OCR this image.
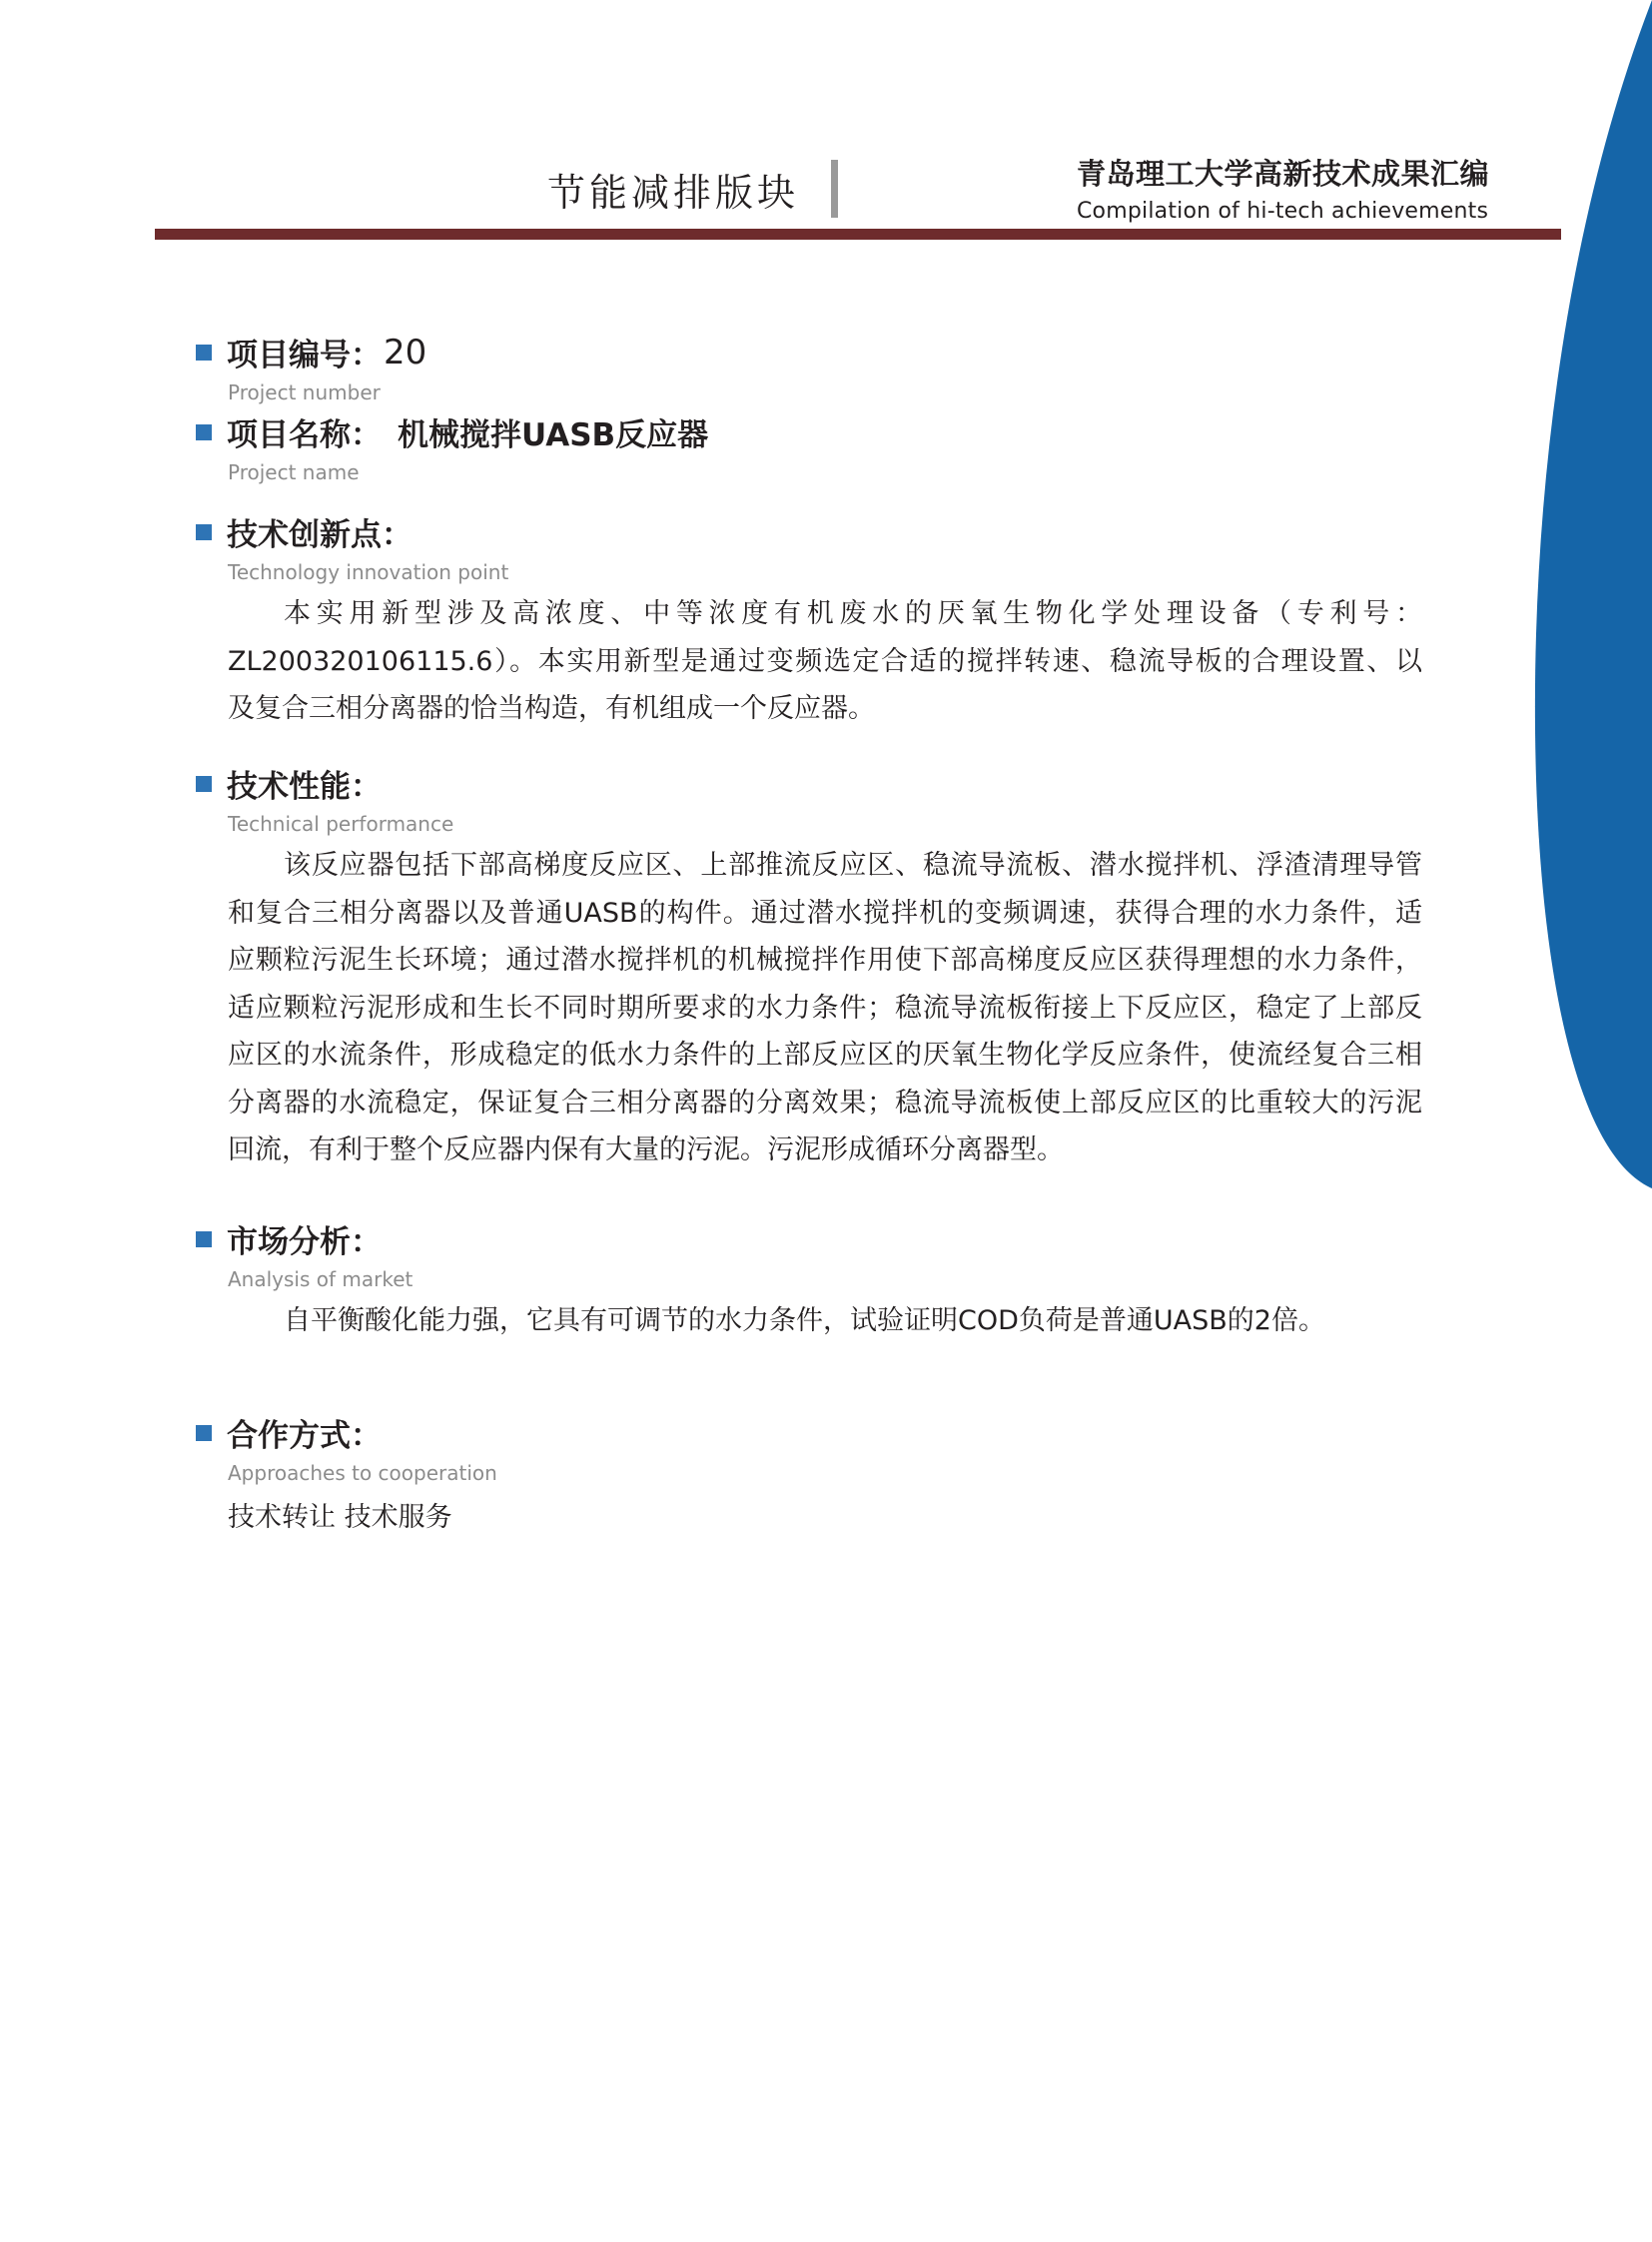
节能减排版块	青岛理工大学高新技术成果汇编
Compilation of hi-tech achievements
项目编号： 20
Project number
项目名称： 机械搅拌UASB反应器
Project name
技术创新点：
Technology innovation point
本实用新型涉及高浓度、中等浓度有机废水的厌氧生物化学处理设备（专利号：
ZL200320106115.6）。本实用新型是通过变频选定合适的搅拌转速、稳流导板的合理设置、以
及复合三相分离器的恰当构造，有机组成一个反应器。
技术性能：
Technical performance
该反应器包括下部高梯度反应区、上部推流反应区、稳流导流板、潜水搅拌机、浮渣清理导管
和复合三相分离器以及普通UASB的构件。通过潜水搅拌机的变频调速，获得合理的水力条件，适
应颗粒污泥生长环境；通过潜水搅拌机的机械搅拌作用使下部高梯度反应区获得理想的水力条件，
适应颗粒污泥形成和生长不同时期所要求的水力条件；稳流导流板衔接上下反应区，稳定了上部反
应区的水流条件，形成稳定的低水力条件的上部反应区的厌氧生物化学反应条件，使流经复合三相
分离器的水流稳定，保证复合三相分离器的分离效果；稳流导流板使上部反应区的比重较大的污泥
回流，有利于整个反应器内保有大量的污泥。污泥形成循环分离器型。
市场分析：
Analysis of market
自平衡酸化能力强，它具有可调节的水力条件，试验证明COD负荷是普通UASB的2倍。
合作方式：
Approaches to cooperation
技术转让 技术服务
